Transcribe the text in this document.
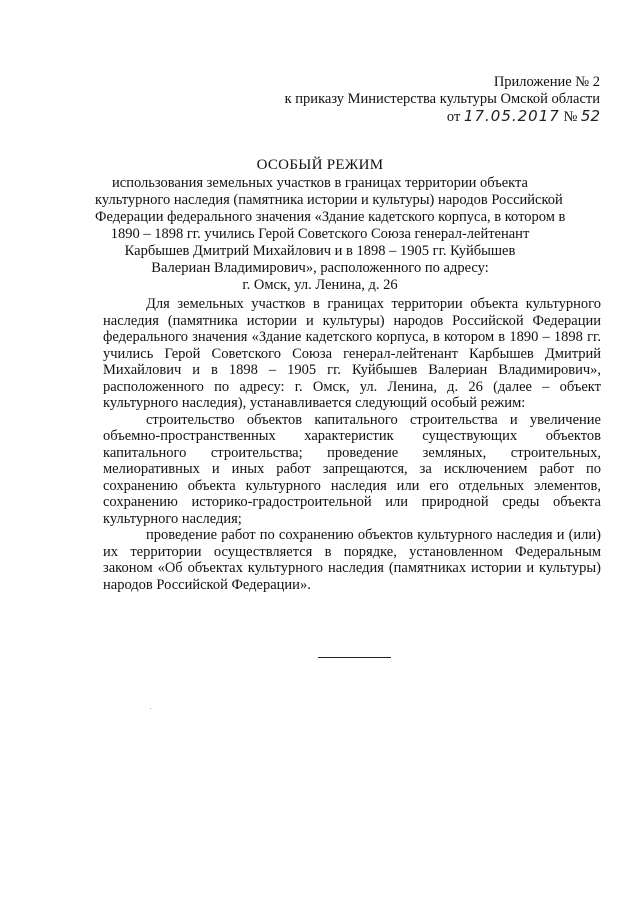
Приложение № 2
к приказу Министерства культуры Омской области
от 17.05.2017 № 52
ОСОБЫЙ РЕЖИМ
использования земельных участков в границах территории объекта
культурного наследия (памятника истории и культуры) народов Российской
Федерации федерального значения «Здание кадетского корпуса, в котором в
1890 – 1898 гг. учились Герой Советского Союза генерал-лейтенант
Карбышев Дмитрий Михайлович и в 1898 – 1905 гг. Куйбышев
Валериан Владимирович», расположенного по адресу:
г. Омск, ул. Ленина, д. 26

Для земельных участков в границах территории объекта культурного наследия (памятника истории и культуры) народов Российской Федерации федерального значения «Здание кадетского корпуса, в котором в 1890 – 1898 гг. учились Герой Советского Союза генерал-лейтенант Карбышев Дмитрий Михайлович и в 1898 – 1905 гг. Куйбышев Валериан Владимирович», расположенного по адресу: г. Омск, ул. Ленина, д. 26 (далее – объект культурного наследия), устанавливается следующий особый режим:

строительство объектов капитального строительства и увеличение объемно-пространственных характеристик существующих объектов капитального строительства; проведение земляных, строительных, мелиоративных и иных работ запрещаются, за исключением работ по сохранению объекта культурного наследия или его отдельных элементов, сохранению историко-градостроительной или природной среды объекта культурного наследия;

проведение работ по сохранению объектов культурного наследия и (или) их территории осуществляется в порядке, установленном Федеральным законом «Об объектах культурного наследия (памятниках истории и культуры) народов Российской Федерации».
